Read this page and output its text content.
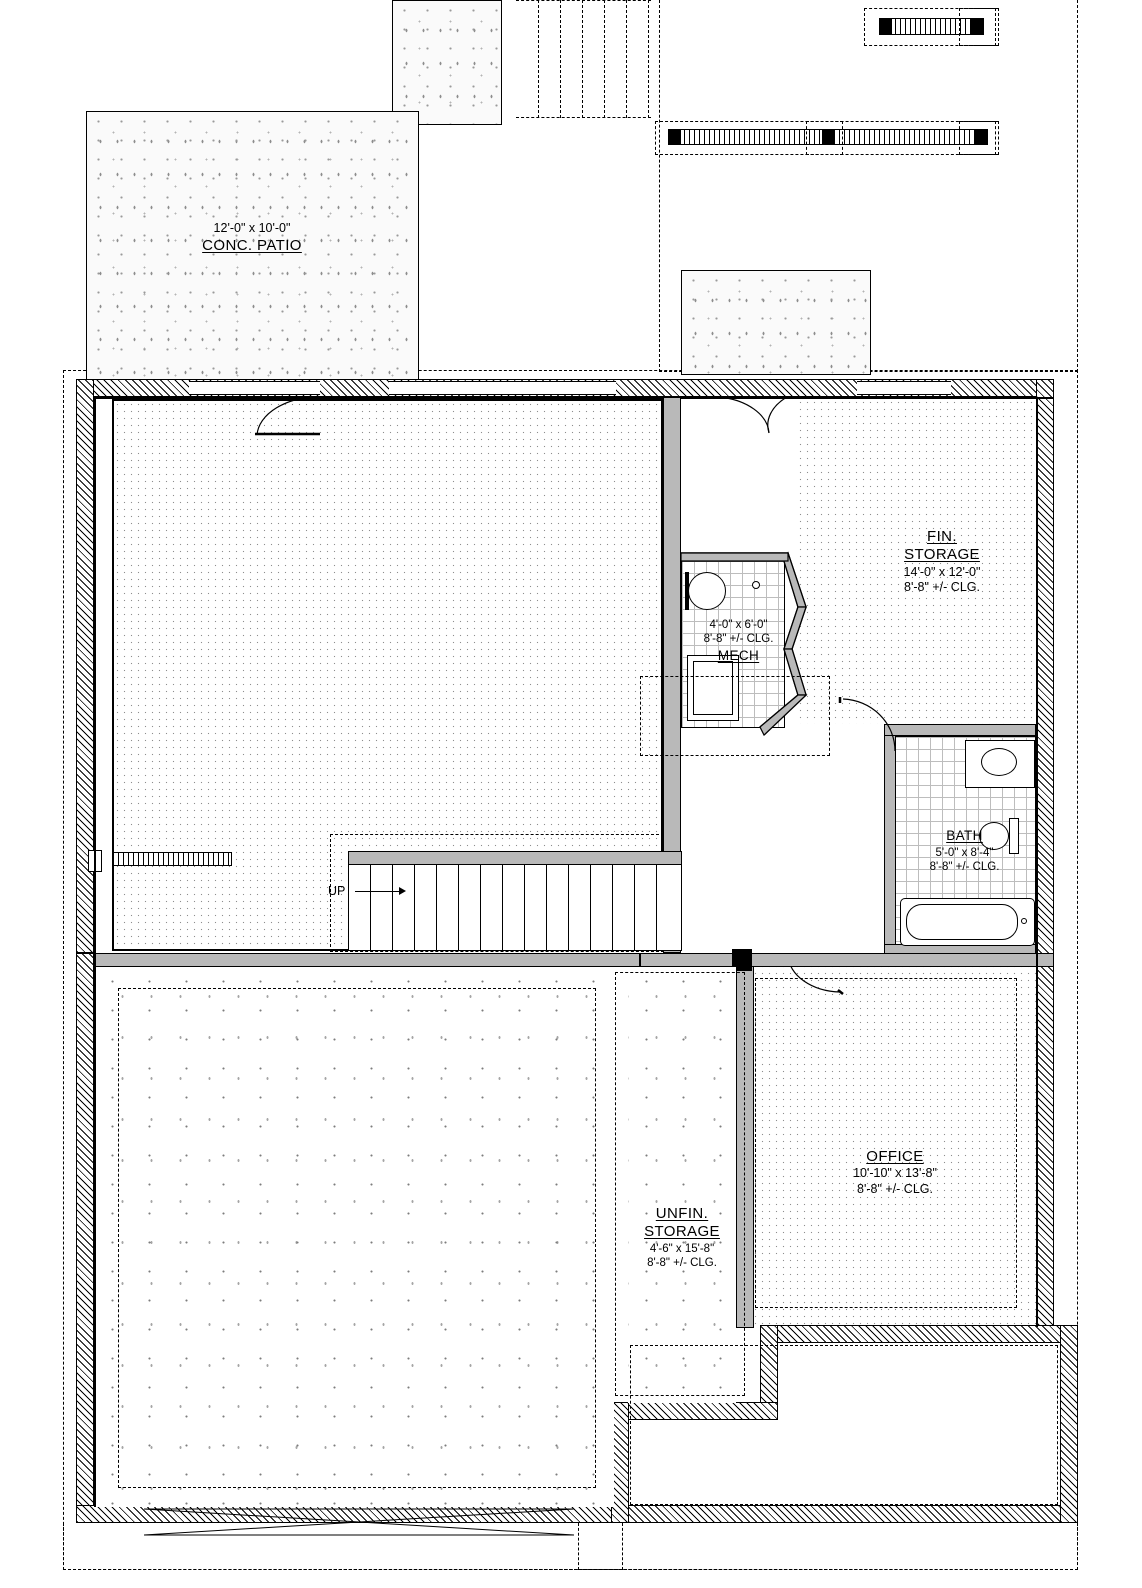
12'-0" x 10'-0"
CONC. PATIO
FIN.
STORAGE
14'-0" x 12'-0"
8'-8" +/- CLG.
4'-0" x 6'-0"
8'-8" +/- CLG.
MECH
BATH
5'-0" x 8'-4"
8'-8" +/- CLG.
OFFICE
10'-10" x 13'-8"
8'-8" +/- CLG.
UP
UNFIN.
STORAGE
4'-6" x 15'-8"
8'-8" +/- CLG.
